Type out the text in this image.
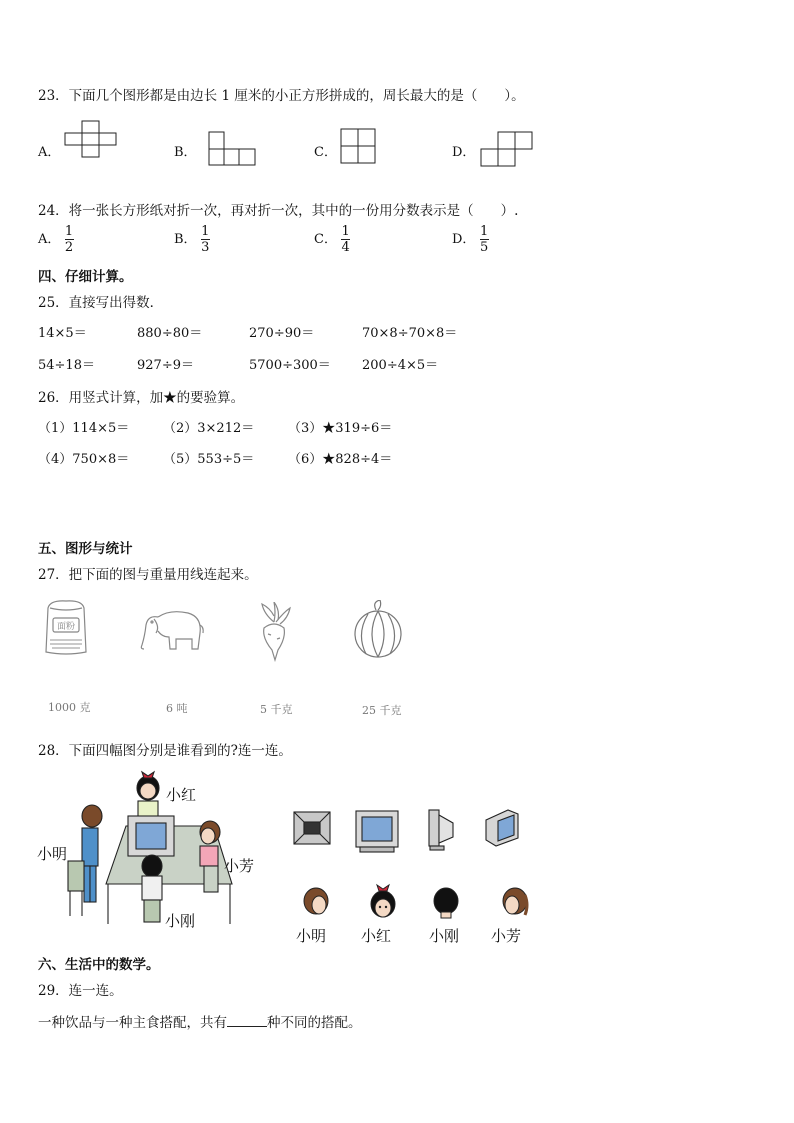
23．下面几个图形都是由边长 1 厘米的小正方形拼成的，周长最大的是（　　）。
A．	B．	C．	D．
24．将一张长方形纸对折一次，再对折一次，其中的一份用分数表示是（　　）.
A． $\frac{1}{2}$	B． $\frac{1}{3}$	C． $\frac{1}{4}$	D． $\frac{1}{5}$
四、仔细计算。
25．直接写出得数．
14×5＝	880÷80＝	270÷90＝	70×8÷70×8＝
54÷18＝	927÷9＝	5700÷300＝ 200÷4×5＝
26．用竖式计算，加★的要验算。
（1）114×5＝	（2）3×212＝	（3）★319÷6＝
（4）750×8＝	（5）553÷5＝	（6）★828÷4＝
五、图形与统计
27．把下面的图与重量用线连起来。
面粉
1000 克	6 吨	5 千克	25 千克
28．下面四幅图分别是谁看到的?连一连。
小红
小明
小芳
小刚
小明 小红	小刚 小芳
六、生活中的数学。
29．连一连。
一种饮品与一种主食搭配，共有	种不同的搭配。
